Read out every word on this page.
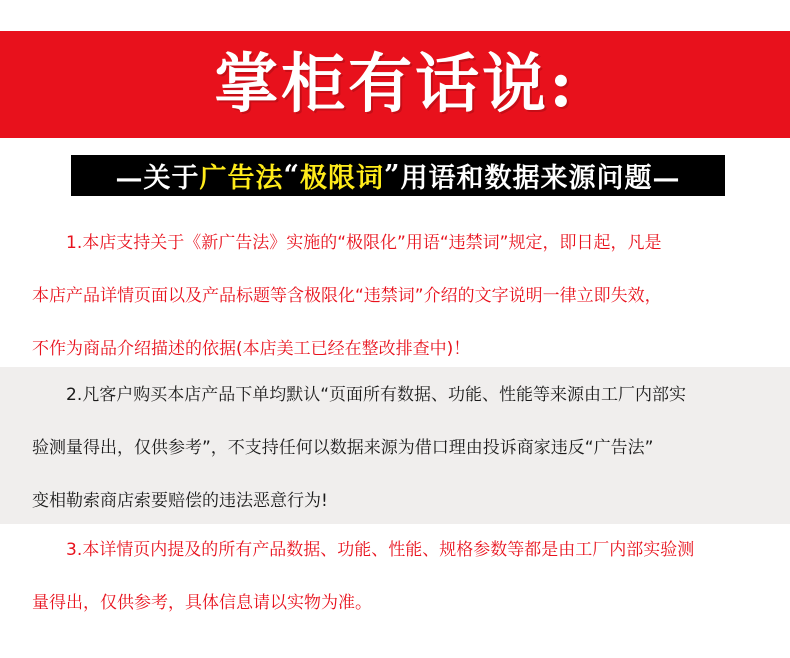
掌柜有话说:
—关于 广告法 “ 极限词 ” 用语和数据来源问题—

1.本店支持关于《新广告法》实施的“极限化”用语“违禁词”规定，即日起，凡是

本店产品详情页面以及产品标题等含极限化“违禁词”介绍的文字说明一律立即失效，

不作为商品介绍描述的依据(本店美工已经在整改排查中)！

2.凡客户购买本店产品下单均默认“页面所有数据、功能、性能等来源由工厂内部实

验测量得出，仅供参考”，不支持任何以数据来源为借口理由投诉商家违反“广告法”

变相勒索商店索要赔偿的违法恶意行为!

3.本详情页内提及的所有产品数据、功能、性能、规格参数等都是由工厂内部实验测

量得出，仅供参考，具体信息请以实物为准。
